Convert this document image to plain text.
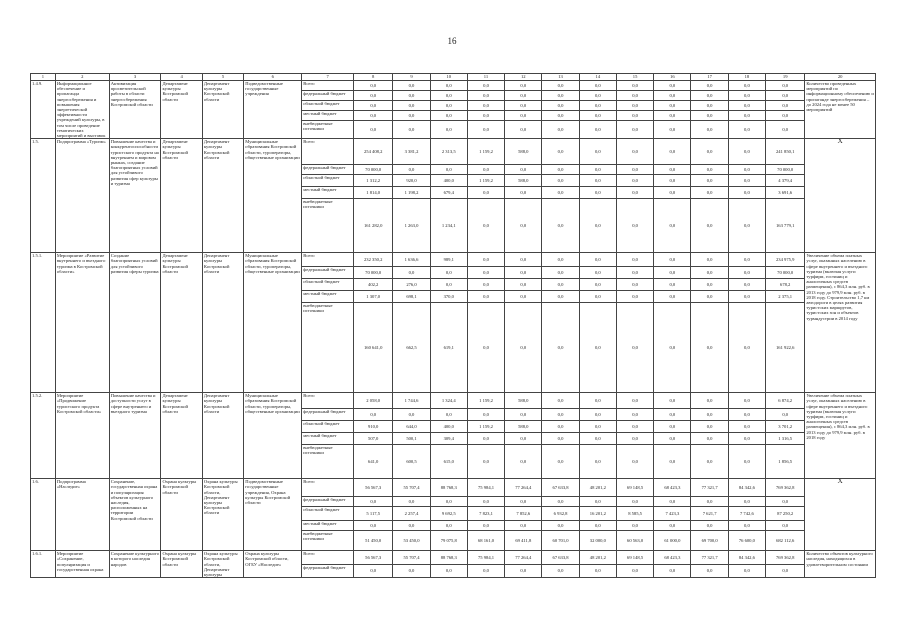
16
1	2	3	4	5	6	7	8	9	10	11	12	13	14	15	16	17	18	19	20
1.4.9.	Информационное обеспечение и пропаганда энергосбережения и повышения энергетической эффективности учреждений культуры, в том числе проведение тематических мероприятий и выставок	Активизация просветительской работы в области энергосбережения Костромской области	Департамент культуры Костромской области	Департамент культуры Костромской области	Подведомственные государственные учреждения	Всего	0,0	0,0	0,0	0,0	0,0	0,0	0,0	0,0	0,0	0,0	0,0	0,0	Количество проведенных мероприятий по информационному обеспечению и пропаганде энергосбережения – до 2024 года не менее 50 мероприятий
						федеральный бюджет	0,0	0,0	0,0	0,0	0,0	0,0	0,0	0,0	0,0	0,0	0,0	0,0	
						областной бюджет	0,0	0,0	0,0	0,0	0,0	0,0	0,0	0,0	0,0	0,0	0,0	0,0	
						местный бюджет	0,0	0,0	0,0	0,0	0,0	0,0	0,0	0,0	0,0	0,0	0,0	0,0	
						внебюджетные источники	0,0	0,0	0,0	0,0	0,0	0,0	0,0	0,0	0,0	0,0	0,0	0,0	
1.5.	Подпрограмма «Туризм»	Повышение качества и конкурентоспособности туристского продукта на внутреннем и мировом рынках, создание благоприятных условий для устойчивого развития сфер культуры и туризма	Департамент культуры Костромской области	Департамент культуры Костромской области	Муниципальные образования Костромской области, туроператоры, общественные организации	Всего	254 408,2	3 381,2	2 313,5	1 159,2	588,0	0,0	0,0	0,0	0,0	0,0	0,0	241 850,1	X
						федеральный бюджет	70 000,0	0,0	0,0	0,0	0,0	0,0	0,0	0,0	0,0	0,0	0,0	70 000,0	
						областной бюджет	1 312,2	920,0	400,0	1 159,2	588,0	0,0	0,0	0,0	0,0	0,0	0,0	4 379,4	
						местный бюджет	1 814,0	1 198,2	679,4	0,0	0,0	0,0	0,0	0,0	0,0	0,0	0,0	3 691,6	
						внебюджетные источники	161 282,0	1 263,0	1 234,1	0,0	0,0	0,0	0,0	0,0	0,0	0,0	0,0	163 779,1	
1.5.1.	Мероприятие «Развитие внутреннего и въездного туризма в Костромской области»	Создание благоприятных условий для устойчивого развития сферы туризма	Департамент культуры Костромской области	Департамент культуры Костромской области	Муниципальные образования Костромской области, туроператоры, общественные организации	Всего	232 350,2	1 636,6	989,1	0,0	0,0	0,0	0,0	0,0	0,0	0,0	0,0	234 975,9	Увеличение объема платных услуг, оказанных населению в сфере внутреннего и въездного туризма (включая услуги турфирм, гостиниц и аналогичных средств размещения), с 864,3 млн. руб. в 2013 году до 979,9 млн. руб. в 2018 году. Строительство 1,7 км автодороги в целях развития туристских маршрутов, туристских зон и объектов турмндустрии в 2014 году
						федеральный бюджет	70 000,0	0,0	0,0	0,0	0,0	0,0	0,0	0,0	0,0	0,0	0,0	70 000,0	
						областной бюджет	402,2	276,0	0,0	0,0	0,0	0,0	0,0	0,0	0,0	0,0	0,0	678,2	
						местный бюджет	1 307,0	698,1	370,0	0,0	0,0	0,0	0,0	0,0	0,0	0,0	0,0	2 375,1	
						внебюджетные источники	160 641,0	662,5	619,1	0,0	0,0	0,0	0,0	0,0	0,0	0,0	0,0	161 922,6	
1.5.2.	Мероприятие «Продвижение туристского продукта Костромской области»	Повышение качества и доступности услуг в сфере внутреннего и въездного туризма	Департамент культуры Костромской области	Департамент культуры Костромской области	Муниципальные образования Костромской области, туроператоры, общественные организации	Всего	2 058,0	1 744,6	1 324,4	1 159,2	588,0	0,0	0,0	0,0	0,0	0,0	0,0	6 874,2	Увеличение объема платных услуг, оказанных населению в сфере внутреннего и въездного туризма (включая услуги турфирм, гостиниц и аналогичных средств размещения), с 864,3 млн. руб. в 2013 году до 979,9 млн. руб. в 2018 году
						федеральный бюджет	0,0	0,0	0,0	0,0	0,0	0,0	0,0	0,0	0,0	0,0	0,0	0,0	
						областной бюджет	910,0	644,0	400,0	1 159,2	588,0	0,0	0,0	0,0	0,0	0,0	0,0	3 701,2	
						местный бюджет	507,0	500,1	309,4	0,0	0,0	0,0	0,0	0,0	0,0	0,0	0,0	1 316,5	
						внебюджетные источники	641,0	600,5	615,0	0,0	0,0	0,0	0,0	0,0	0,0	0,0	0,0	1 856,5	
1.6.	Подпрограмма «Наследие»	Сохранение, государственная охрана и популяризация объектов культурного наследия, расположенных на территории Костромской области	Охрана культуры Костромской области	Охрана культуры Костромской области, Департамент культуры Костромской области	Подведомственные государственные учреждения, Охрана культуры Костромской области	Всего	56 567,3	55 707,4	88 768,3	75 984,1	77 264,4	67 633,8	48 201,2	69 148,5	68 423,3	77 321,7	84 342,6	769 362,8	X
						федеральный бюджет	0,0	0,0	0,0	0,0	0,0	0,0	0,0	0,0	0,0	0,0	0,0	0,0	
						областной бюджет	5 117,5	2 257,4	9 692,5	7 823,1	7 852,6	6 932,8	16 201,2	8 585,5	7 423,3	7 621,7	7 742,6	87 250,2	
						местный бюджет	0,0	0,0	0,0	0,0	0,0	0,0	0,0	0,0	0,0	0,0	0,0	0,0	
						внебюджетные источники	51 450,0	53 450,0	79 075,8	68 161,0	69 411,8	60 701,0	32 000,0	60 563,0	61 000,0	69 700,0	76 600,0	682 112,6	
1.6.1.	Мероприятие «Сохранение, популяризация и государственная охрана	Сохранение культурного в которого наследия народов	Охрана культуры Костромской области	Охрана культуры Костромской области, Департамент культуры	Охрана культуры Костромской области, ОГБУ «Наследие»	Всего	56 567,3	55 707,4	88 768,3	75 984,1	77 264,4	67 633,8	48 201,2	69 148,5	68 423,3	77 321,7	84 342,6	769 362,8	Количество объектов культурного наследия, находящихся в удовлетворительном состоянии
						федеральный бюджет	0,0	0,0	0,0	0,0	0,0	0,0	0,0	0,0	0,0	0,0	0,0	0,0	
